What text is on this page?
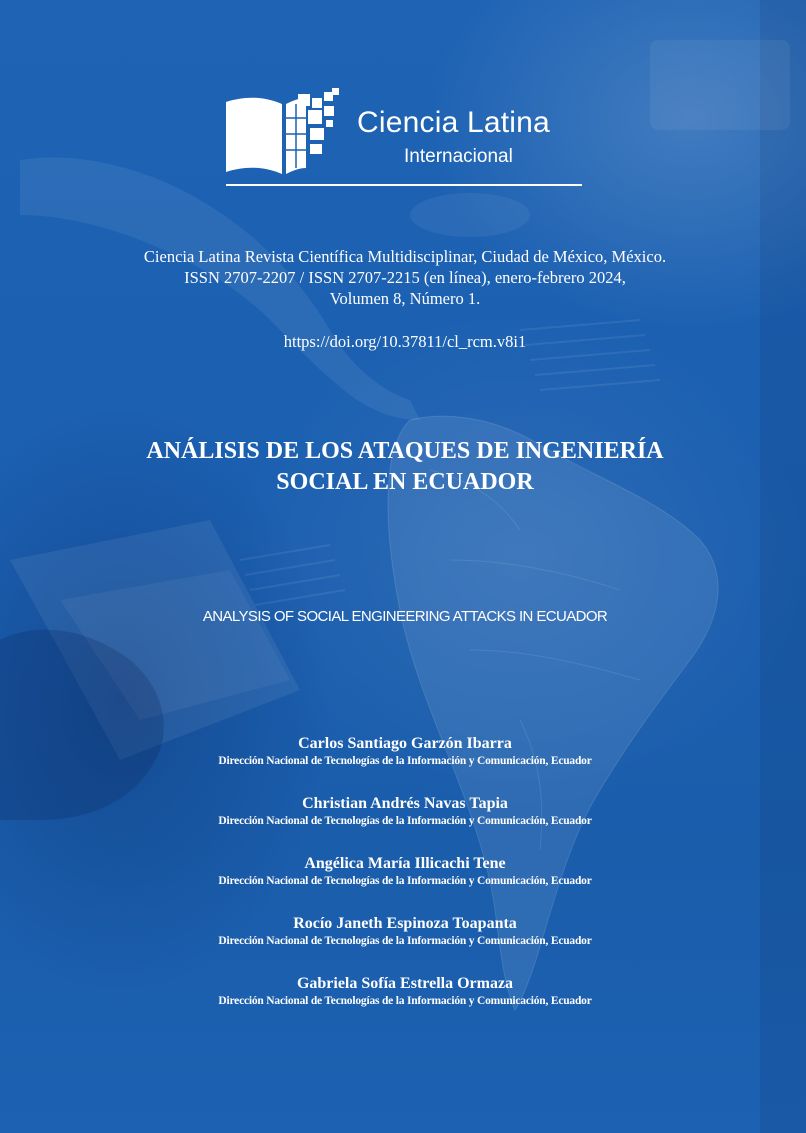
Ciencia Latina
Internacional
Ciencia Latina Revista Científica Multidisciplinar, Ciudad de México, México.
ISSN 2707-2207 / ISSN 2707-2215 (en línea), enero-febrero 2024,
Volumen 8, Número 1.
https://doi.org/10.37811/cl_rcm.v8i1
ANÁLISIS DE LOS ATAQUES DE INGENIERÍA
SOCIAL EN ECUADOR
ANALYSIS OF SOCIAL ENGINEERING ATTACKS IN ECUADOR
Carlos Santiago Garzón Ibarra
Dirección Nacional de Tecnologías de la Información y Comunicación, Ecuador
Christian Andrés Navas Tapia
Dirección Nacional de Tecnologías de la Información y Comunicación, Ecuador
Angélica María Illicachi Tene
Dirección Nacional de Tecnologías de la Información y Comunicación, Ecuador
Rocío Janeth Espinoza Toapanta
Dirección Nacional de Tecnologías de la Información y Comunicación, Ecuador
Gabriela Sofía Estrella Ormaza
Dirección Nacional de Tecnologías de la Información y Comunicación, Ecuador
